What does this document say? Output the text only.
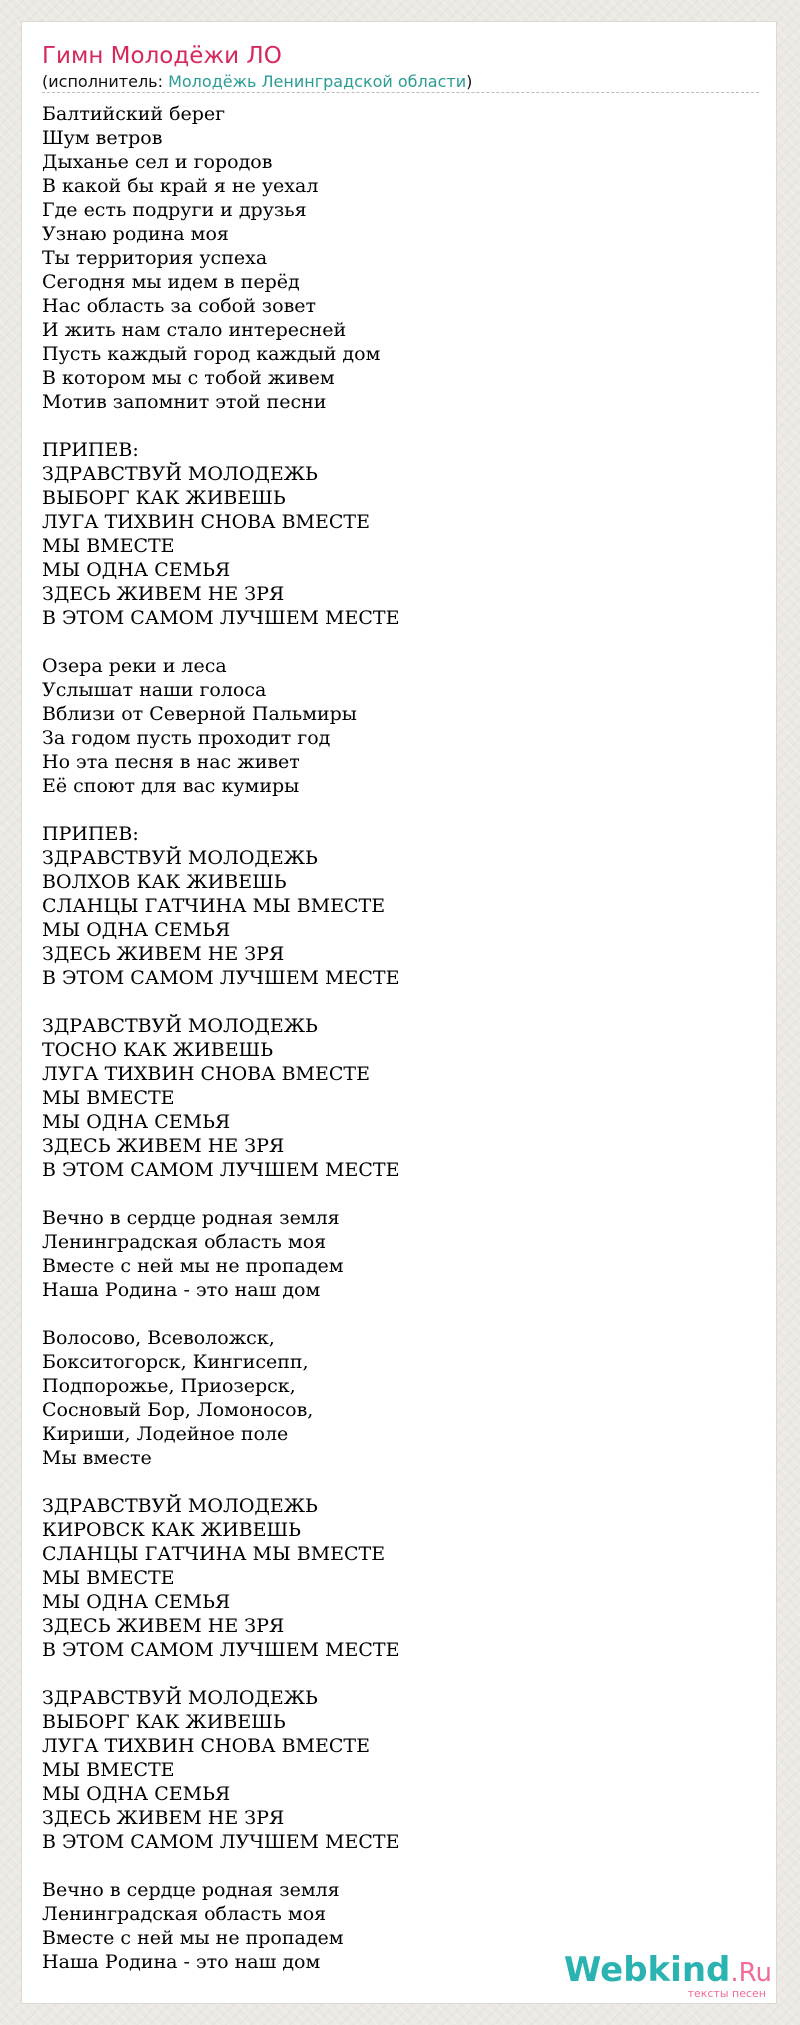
Гимн Молодёжи ЛО
(исполнитель: Молодёжь Ленинградской области)
Балтийский берег
Шум ветров
Дыханье сел и городов
В какой бы край я не уехал
Где есть подруги и друзья
Узнаю родина моя
Ты территория успеха
Сегодня мы идем в перёд
Нас область за собой зовет
И жить нам стало интересней
Пусть каждый город каждый дом
В котором мы с тобой живем
Мотив запомнит этой песни

ПРИПЕВ:
ЗДРАВСТВУЙ МОЛОДЕЖЬ
ВЫБОРГ КАК ЖИВЕШЬ
ЛУГА ТИХВИН СНОВА ВМЕСТЕ
МЫ ВМЕСТЕ
МЫ ОДНА СЕМЬЯ
ЗДЕСЬ ЖИВЕМ НЕ ЗРЯ
В ЭТОМ САМОМ ЛУЧШЕМ МЕСТЕ

Озера реки и леса
Услышат наши голоса
Вблизи от Северной Пальмиры
За годом пусть проходит год
Но эта песня в нас живет
Её споют для вас кумиры

ПРИПЕВ:
ЗДРАВСТВУЙ МОЛОДЕЖЬ
ВОЛХОВ КАК ЖИВЕШЬ
СЛАНЦЫ ГАТЧИНА МЫ ВМЕСТЕ
МЫ ОДНА СЕМЬЯ
ЗДЕСЬ ЖИВЕМ НЕ ЗРЯ
В ЭТОМ САМОМ ЛУЧШЕМ МЕСТЕ

ЗДРАВСТВУЙ МОЛОДЕЖЬ
ТОСНО КАК ЖИВЕШЬ
ЛУГА ТИХВИН СНОВА ВМЕСТЕ
МЫ ВМЕСТЕ
МЫ ОДНА СЕМЬЯ
ЗДЕСЬ ЖИВЕМ НЕ ЗРЯ
В ЭТОМ САМОМ ЛУЧШЕМ МЕСТЕ

Вечно в сердце родная земля
Ленинградская область моя
Вместе с ней мы не пропадем
Наша Родина - это наш дом

Волосово, Всеволожск,
Бокситогорск, Кингисепп,
Подпорожье, Приозерск,
Сосновый Бор, Ломоносов,
Кириши, Лодейное поле
Мы вместе

ЗДРАВСТВУЙ МОЛОДЕЖЬ
КИРОВСК КАК ЖИВЕШЬ
СЛАНЦЫ ГАТЧИНА МЫ ВМЕСТЕ
МЫ ВМЕСТЕ
МЫ ОДНА СЕМЬЯ
ЗДЕСЬ ЖИВЕМ НЕ ЗРЯ
В ЭТОМ САМОМ ЛУЧШЕМ МЕСТЕ

ЗДРАВСТВУЙ МОЛОДЕЖЬ
ВЫБОРГ КАК ЖИВЕШЬ
ЛУГА ТИХВИН СНОВА ВМЕСТЕ
МЫ ВМЕСТЕ
МЫ ОДНА СЕМЬЯ
ЗДЕСЬ ЖИВЕМ НЕ ЗРЯ
В ЭТОМ САМОМ ЛУЧШЕМ МЕСТЕ

Вечно в сердце родная земля
Ленинградская область моя
Вместе с ней мы не пропадем
Наша Родина - это наш дом	Webkind.Ru
тексты песен
